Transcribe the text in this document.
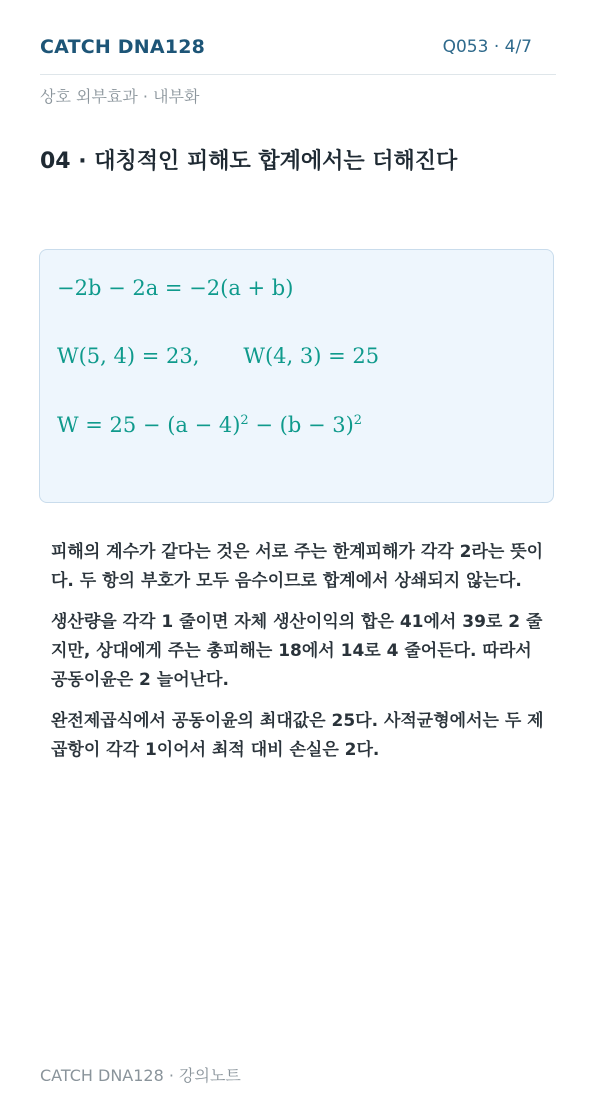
CATCH DNA128	Q053 · 4/7
상호 외부효과 · 내부화
04 · 대칭적인 피해도 합계에서는 더해진다
−2b − 2a = −2(a + b)
W(5, 4) = 23, W(4, 3) = 25
$W = 25 - (a - 4)^2 - (b - 3)^2$

피해의 계수가 같다는 것은 서로 주는 한계피해가 각각 2라는 뜻이다. 두 항의 부호가 모두 음수이므로 합계에서 상쇄되지 않는다.

생산량을 각각 1 줄이면 자체 생산이익의 합은 41에서 39로 2 줄지만, 상대에게 주는 총피해는 18에서 14로 4 줄어든다. 따라서 공동이윤은 2 늘어난다.

완전제곱식에서 공동이윤의 최대값은 25다. 사적균형에서는 두 제곱항이 각각 1이어서 최적 대비 손실은 2다.

CATCH DNA128 · 강의노트
